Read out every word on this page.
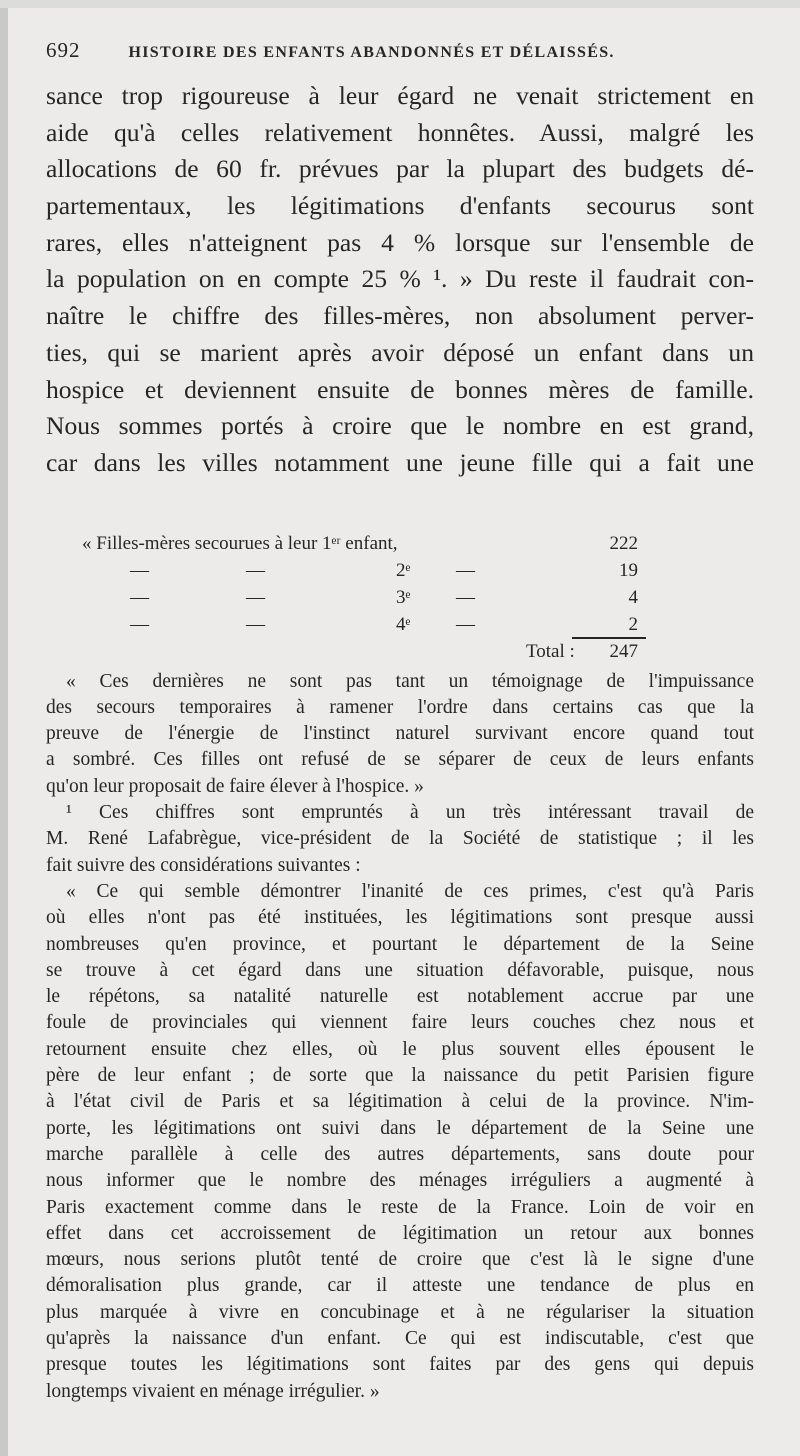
692	HISTOIRE DES ENFANTS ABANDONNÉS ET DÉLAISSÉS.
sance trop rigoureuse à leur égard ne venait strictement en
aide qu'à celles relativement honnêtes. Aussi, malgré les
allocations de 60 fr. prévues par la plupart des budgets dé-
partementaux, les légitimations d'enfants secourus sont
rares, elles n'atteignent pas 4 % lorsque sur l'ensemble de
la population on en compte 25 % ¹. » Du reste il faudrait con-
naître le chiffre des filles-mères, non absolument perver-
ties, qui se marient après avoir déposé un enfant dans un
hospice et deviennent ensuite de bonnes mères de famille.
Nous sommes portés à croire que le nombre en est grand,
car dans les villes notamment une jeune fille qui a fait une
« Filles-mères secourues à leur 1ᵉʳ enfant,	222
—	—	2ᵉ —	19
—	—	3ᵉ —	4
—	—	4ᵉ —	2
Total : 247
« Ces dernières ne sont pas tant un témoignage de l'impuissance
des secours temporaires à ramener l'ordre dans certains cas que la
preuve de l'énergie de l'instinct naturel survivant encore quand tout
a sombré. Ces filles ont refusé de se séparer de ceux de leurs enfants
qu'on leur proposait de faire élever à l'hospice. »
¹ Ces chiffres sont empruntés à un très intéressant travail de
M. René Lafabrègue, vice-président de la Société de statistique ; il les
fait suivre des considérations suivantes :
« Ce qui semble démontrer l'inanité de ces primes, c'est qu'à Paris
où elles n'ont pas été instituées, les légitimations sont presque aussi
nombreuses qu'en province, et pourtant le département de la Seine
se trouve à cet égard dans une situation défavorable, puisque, nous
le répétons, sa natalité naturelle est notablement accrue par une
foule de provinciales qui viennent faire leurs couches chez nous et
retournent ensuite chez elles, où le plus souvent elles épousent le
père de leur enfant ; de sorte que la naissance du petit Parisien figure
à l'état civil de Paris et sa légitimation à celui de la province. N'im-
porte, les légitimations ont suivi dans le département de la Seine une
marche parallèle à celle des autres départements, sans doute pour
nous informer que le nombre des ménages irréguliers a augmenté à
Paris exactement comme dans le reste de la France. Loin de voir en
effet dans cet accroissement de légitimation un retour aux bonnes
mœurs, nous serions plutôt tenté de croire que c'est là le signe d'une
démoralisation plus grande, car il atteste une tendance de plus en
plus marquée à vivre en concubinage et à ne régulariser la situation
qu'après la naissance d'un enfant. Ce qui est indiscutable, c'est que
presque toutes les légitimations sont faites par des gens qui depuis
longtemps vivaient en ménage irrégulier. »
